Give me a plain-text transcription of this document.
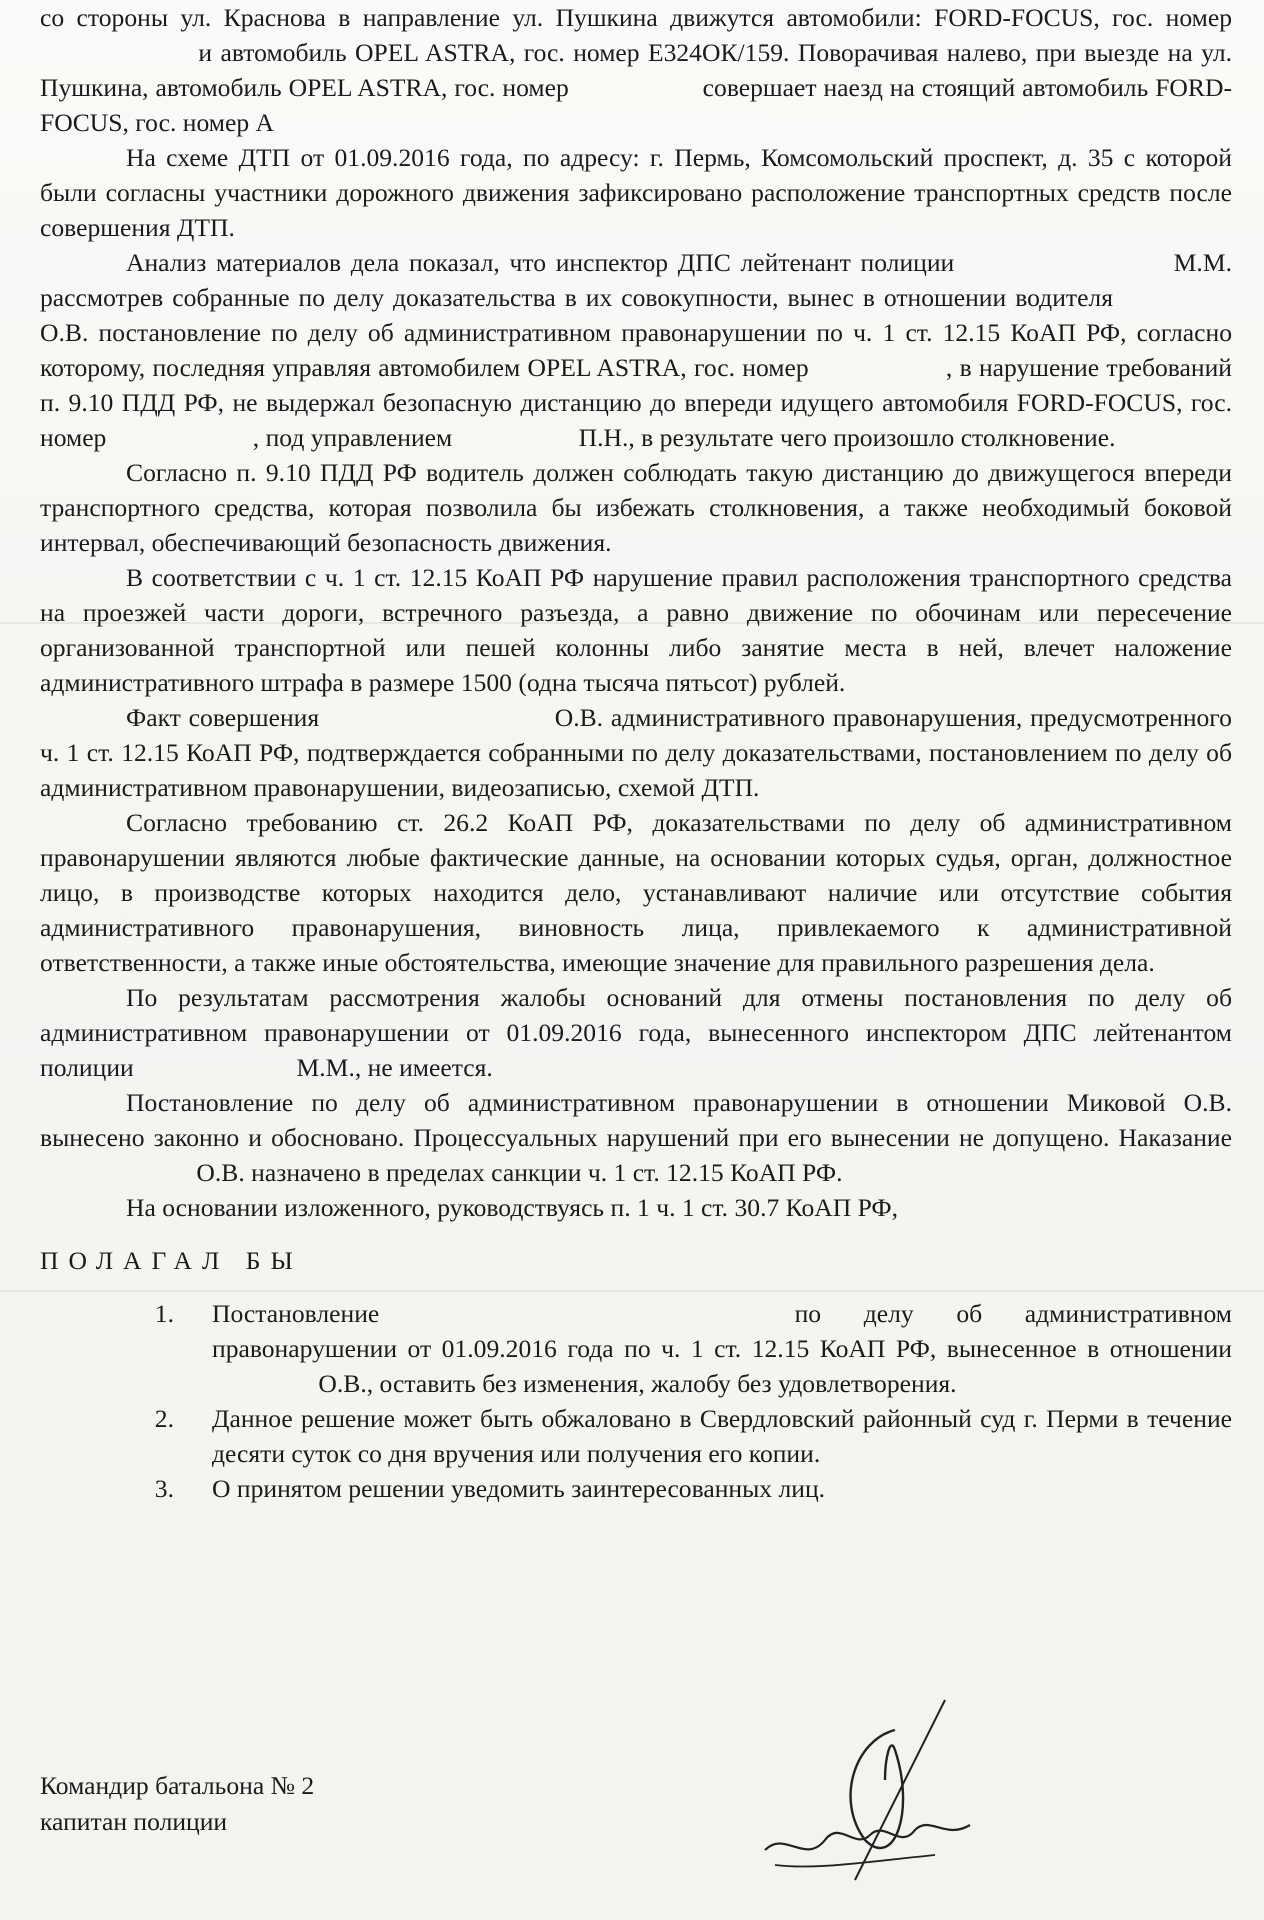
со стороны ул. Краснова в направление ул. Пушкина движутся автомобили: FORD-FOCUS, гос. номер  и автомобиль OPEL ASTRA, гос. номер Е324ОК/159. Поворачивая налево, при выезде на ул. Пушкина, автомобиль OPEL ASTRA, гос. номер	совершает наезд на стоящий автомобиль FORD-FOCUS, гос. номер А

На схеме ДТП от 01.09.2016 года, по адресу: г. Пермь, Комсомольский проспект, д. 35 с которой были согласны участники дорожного движения зафиксировано расположение транспортных средств после совершения ДТП.

Анализ материалов дела показал, что инспектор ДПС лейтенант полиции	М.М. рассмотрев собранные по делу доказательства в их совокупности, вынес в отношении водителя  О.В. постановление по делу об административном правонарушении по ч. 1 ст. 12.15 КоАП РФ, согласно которому, последняя управляя автомобилем OPEL ASTRA, гос. номер	, в нарушение требований п. 9.10 ПДД РФ, не выдержал безопасную дистанцию до впереди идущего автомобиля FORD-FOCUS, гос. номер	, под управлением	П.Н., в результате чего произошло столкновение.

Согласно п. 9.10 ПДД РФ водитель должен соблюдать такую дистанцию до движущегося впереди транспортного средства, которая позволила бы избежать столкновения, а также необходимый боковой интервал, обеспечивающий безопасность движения.

В соответствии с ч. 1 ст. 12.15 КоАП РФ нарушение правил расположения транспортного средства на проезжей части дороги, встречного разъезда, а равно движение по обочинам или пересечение организованной транспортной или пешей колонны либо занятие места в ней, влечет наложение административного штрафа в размере 1500 (одна тысяча пятьсот) рублей.

Факт совершения	О.В. административного правонарушения, предусмотренного ч. 1 ст. 12.15 КоАП РФ, подтверждается собранными по делу доказательствами, постановлением по делу об административном правонарушении, видеозаписью, схемой ДТП.

Согласно требованию ст. 26.2 КоАП РФ, доказательствами по делу об административном правонарушении являются любые фактические данные, на основании которых судья, орган, должностное лицо, в производстве которых находится дело, устанавливают наличие или отсутствие события административного правонарушения, виновность лица, привлекаемого к административной ответственности, а также иные обстоятельства, имеющие значение для правильного разрешения дела.

По результатам рассмотрения жалобы оснований для отмены постановления по делу об административном правонарушении от 01.09.2016 года, вынесенного инспектором ДПС лейтенантом полиции	М.М., не имеется.

Постановление по делу об административном правонарушении в отношении Миковой О.В. вынесено законно и обосновано. Процессуальных нарушений при его вынесении не допущено. Наказание  О.В. назначено в пределах санкции ч. 1 ст. 12.15 КоАП РФ.

На основании изложенного, руководствуясь п. 1 ч. 1 ст. 30.7 КоАП РФ,

ПОЛАГАЛ БЫ

1.	Постановление	по делу об административном правонарушении от 01.09.2016 года по ч. 1 ст. 12.15 КоАП РФ, вынесенное в отношении  О.В., оставить без изменения, жалобу без удовлетворения.

2.	Данное решение может быть обжаловано в Свердловский районный суд г. Перми в течение десяти суток со дня вручения или получения его копии.

3.	О принятом решении уведомить заинтересованных лиц.

Командир батальона № 2
капитан полиции
